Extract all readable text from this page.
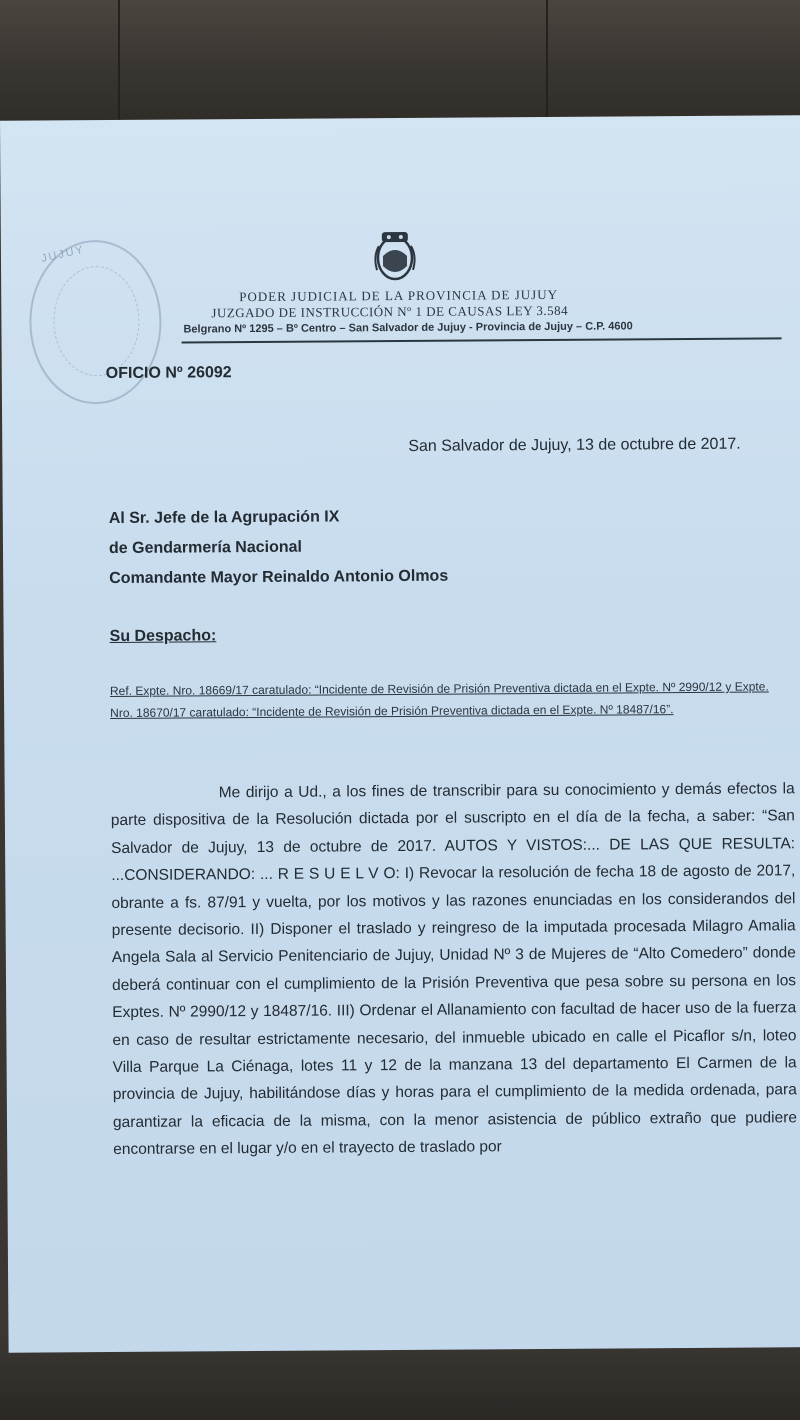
JUJUY
PODER JUDICIAL DE LA PROVINCIA DE JUJUY
JUZGADO DE INSTRUCCIÓN Nº 1 DE CAUSAS LEY 3.584
Belgrano Nº 1295 – Bº Centro – San Salvador de Jujuy - Provincia de Jujuy – C.P. 4600
OFICIO Nº 26092
San Salvador de Jujuy, 13 de octubre de 2017.
Al Sr. Jefe de la Agrupación IX
de Gendarmería Nacional
Comandante Mayor Reinaldo Antonio Olmos
Su Despacho:
Ref. Expte. Nro. 18669/17 caratulado: “Incidente de Revisión de Prisión Preventiva dictada en el Expte. Nº 2990/12 y Expte. Nro. 18670/17 caratulado: “Incidente de Revisión de Prisión Preventiva dictada en el Expte. Nº 18487/16”.
Me dirijo a Ud., a los fines de transcribir para su conocimiento y demás efectos la parte dispositiva de la Resolución dictada por el suscripto en el día de la fecha, a saber: “San Salvador de Jujuy, 13 de octubre de 2017. AUTOS Y VISTOS:... DE LAS QUE RESULTA: ...CONSIDERANDO: ... R E S U E L V O: I) Revocar la resolución de fecha 18 de agosto de 2017, obrante a fs. 87/91 y vuelta, por los motivos y las razones enunciadas en los considerandos del presente decisorio. II) Disponer el traslado y reingreso de la imputada procesada Milagro Amalia Angela Sala al Servicio Penitenciario de Jujuy, Unidad Nº 3 de Mujeres de “Alto Comedero” donde deberá continuar con el cumplimiento de la Prisión Preventiva que pesa sobre su persona en los Exptes. Nº 2990/12 y 18487/16. III) Ordenar el Allanamiento con facultad de hacer uso de la fuerza en caso de resultar estrictamente necesario, del inmueble ubicado en calle el Picaflor s/n, loteo Villa Parque La Ciénaga, lotes 11 y 12 de la manzana 13 del departamento El Carmen de la provincia de Jujuy, habilitándose días y horas para el cumplimiento de la medida ordenada, para garantizar la eficacia de la misma, con la menor asistencia de público extraño que pudiere encontrarse en el lugar y/o en el trayecto de traslado por
